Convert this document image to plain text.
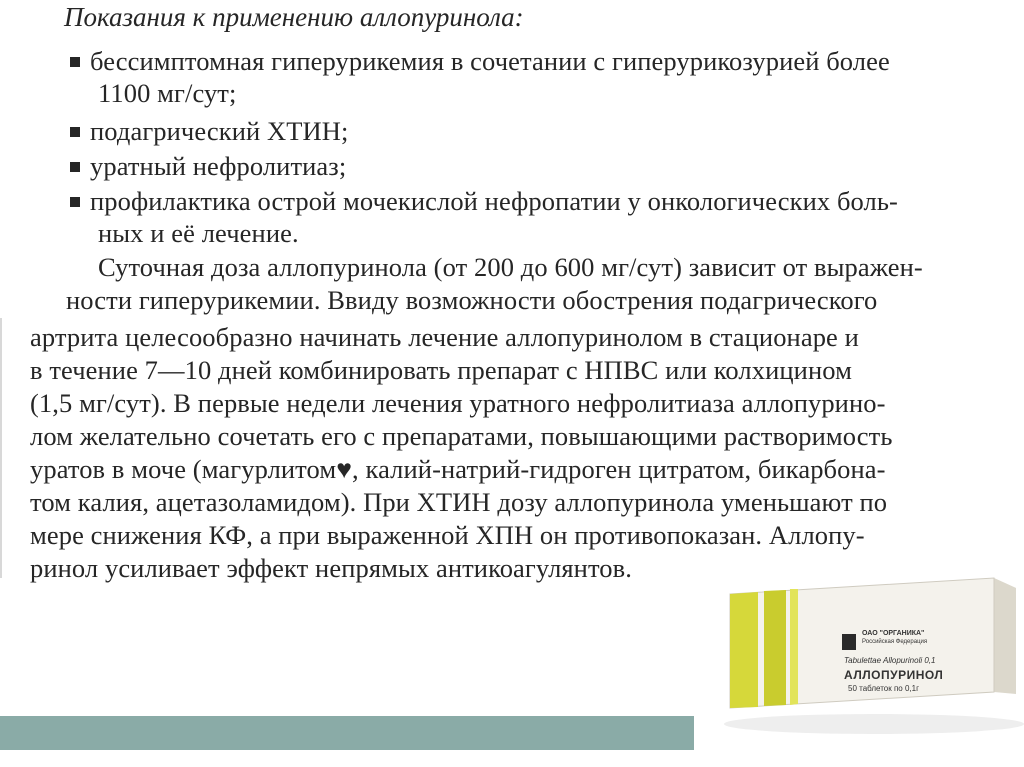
Показания к применению аллопуринола:
бессимптомная гиперурикемия в сочетании с гиперурикозурией более
1100 мг/сут;
подагрический ХТИН;
уратный нефролитиаз;
профилактика острой мочекислой нефропатии у онкологических боль-
ных и её лечение.
Суточная доза аллопуринола (от 200 до 600 мг/сут) зависит от выражен-
ности гиперурикемии. Ввиду возможности обострения подагрического
артрита целесообразно начинать лечение аллопуринолом в стационаре и
в течение 7—10 дней комбинировать препарат с НПВС или колхицином
(1,5 мг/сут). В первые недели лечения уратного нефролитиаза аллопурино-
лом желательно сочетать его с препаратами, повышающими растворимость
уратов в моче (магурлитом♥, калий-натрий-гидроген цитратом, бикарбона-
том калия, ацетазоламидом). При ХТИН дозу аллопуринола уменьшают по
мере снижения КФ, а при выраженной ХПН он противопоказан. Аллопу-
ринол усиливает эффект непрямых антикоагулянтов.
ОАО "ОРГАНИКА"
Российская Федерация
Tabulettae Allopurinoli 0,1
АЛЛОПУРИНОЛ
50 таблеток по 0,1г
